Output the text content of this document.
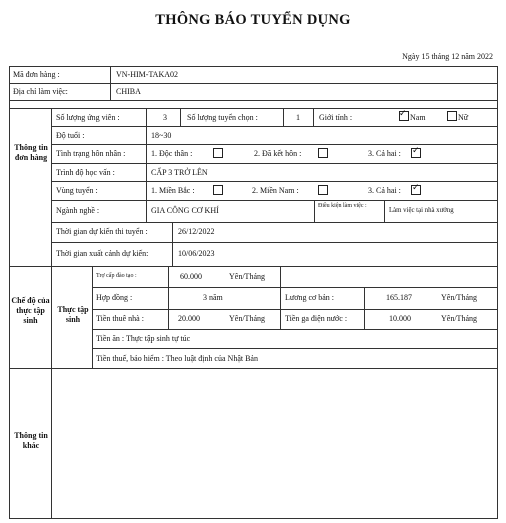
THÔNG BÁO TUYỂN DỤNG
Ngày 15 tháng 12 năm 2022
Mã đơn hàng :	VN-HIM-TAKA02
Địa chỉ làm việc:	CHIBA
Thông tin đơn hàng
Chế độ của thực tập sinh
Thực tập sinh
Thông tin khác
Số lượng ứng viên :	3	Số lượng tuyển chọn :	1 Giới tính :	✓ Nam	Nữ
Độ tuổi :	18~30
Tình trạng hôn nhân :	1. Độc thân :	2. Đã kết hôn :	3. Cả hai : ✓
Trình độ học vấn :	CẤP 3 TRỞ LÊN
Vùng tuyển :	1. Miền Bắc :	2. Miền Nam :	3. Cả hai : ✓
Ngành nghề :	GIA CÔNG CƠ KHÍ	Điều kiện làm việc :
Làm việc tại nhà xưởng
Thời gian dự kiến thi tuyển :	26/12/2022
Thời gian xuất cảnh dự kiến:	10/06/2023
Trợ cấp đào tạo :	60.000	Yên/Tháng
Hợp đồng :	3 năm	Lương cơ bản :	165.187	Yên/Tháng
Tiền thuê nhà :	20.000	Yên/Tháng	Tiền ga điện nước :	10.000	Yên/Tháng
Tiền ăn : Thực tập sinh tự túc
Tiền thuế, bảo hiểm : Theo luật định của Nhật Bản
